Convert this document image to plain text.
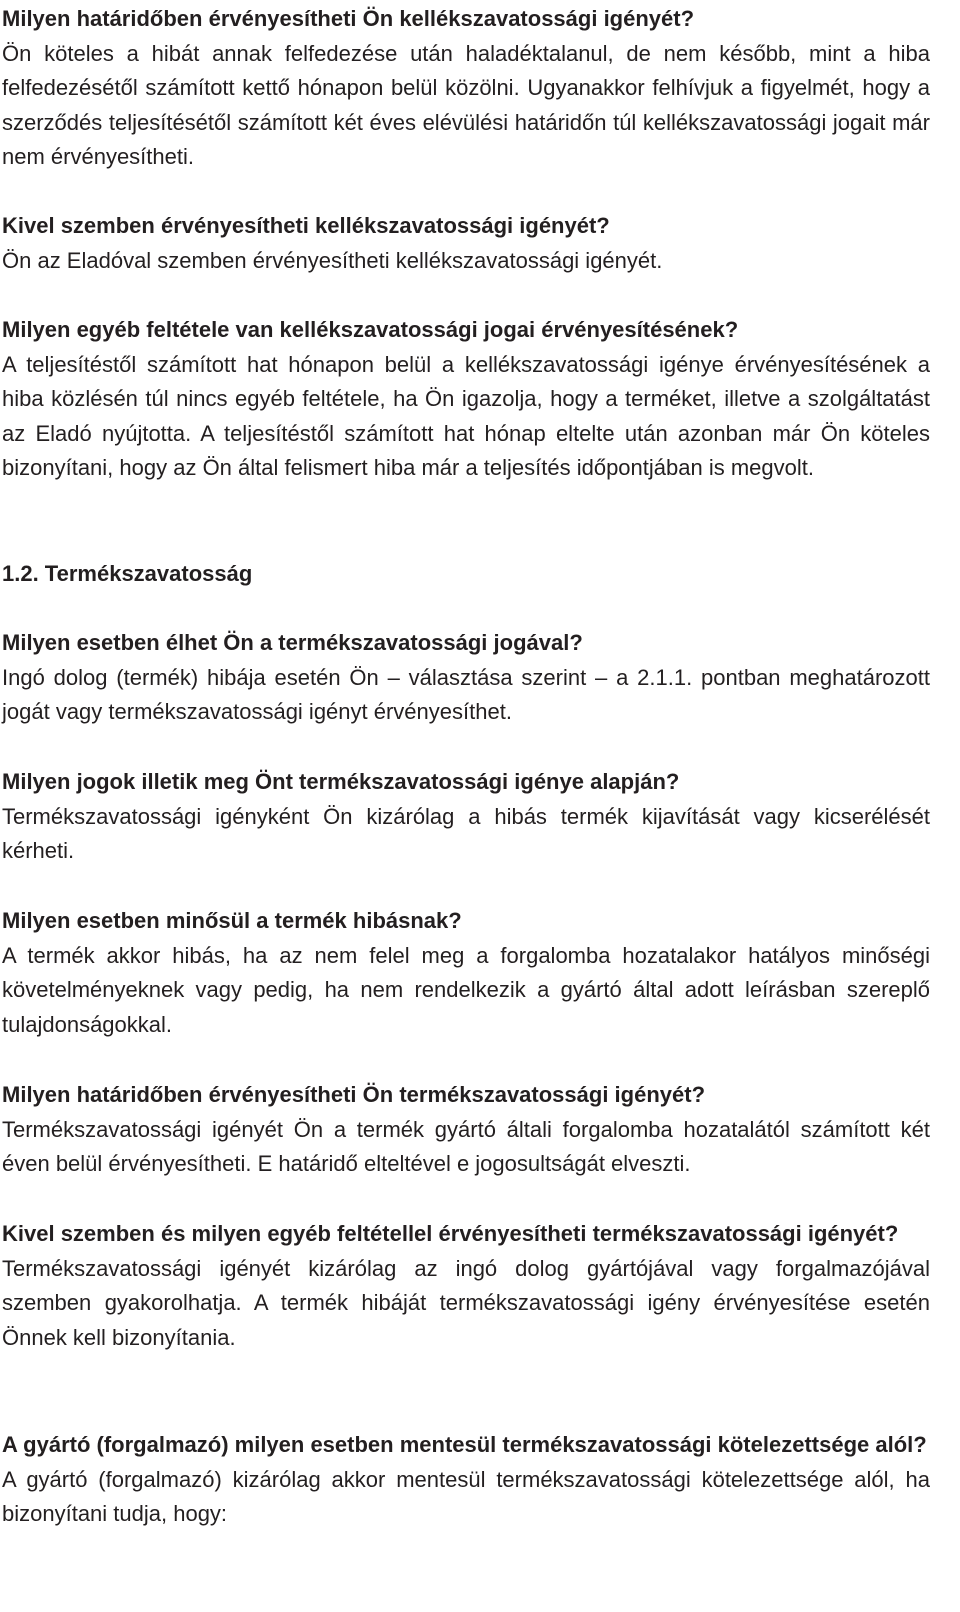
Milyen határidőben érvényesítheti Ön kellékszavatossági igényét?

Ön köteles a hibát annak felfedezése után haladéktalanul, de nem később, mint a hiba felfedezésétől számított kettő hónapon belül közölni. Ugyanakkor felhívjuk a figyelmét, hogy a szerződés teljesítésétől számított két éves elévülési határidőn túl kellékszavatossági jogait már nem érvényesítheti.

Kivel szemben érvényesítheti kellékszavatossági igényét?

Ön az Eladóval szemben érvényesítheti kellékszavatossági igényét.

Milyen egyéb feltétele van kellékszavatossági jogai érvényesítésének?

A teljesítéstől számított hat hónapon belül a kellékszavatossági igénye érvényesítésének a hiba közlésén túl nincs egyéb feltétele, ha Ön igazolja, hogy a terméket, illetve a szolgáltatást az Eladó nyújtotta. A teljesítéstől számított hat hónap eltelte után azonban már Ön köteles bizonyítani, hogy az Ön által felismert hiba már a teljesítés időpontjában is megvolt.

1.2. Termékszavatosság

Milyen esetben élhet Ön a termékszavatossági jogával?

Ingó dolog (termék) hibája esetén Ön – választása szerint – a 2.1.1. pontban meghatározott jogát vagy termékszavatossági igényt érvényesíthet.

Milyen jogok illetik meg Önt termékszavatossági igénye alapján?

Termékszavatossági igényként Ön kizárólag a hibás termék kijavítását vagy kicserélését kérheti.

Milyen esetben minősül a termék hibásnak?

A termék akkor hibás, ha az nem felel meg a forgalomba hozatalakor hatályos minőségi követelményeknek vagy pedig, ha nem rendelkezik a gyártó által adott leírásban szereplő tulajdonságokkal.

Milyen határidőben érvényesítheti Ön termékszavatossági igényét?

Termékszavatossági igényét Ön a termék gyártó általi forgalomba hozatalától számított két éven belül érvényesítheti. E határidő elteltével e jogosultságát elveszti.

Kivel szemben és milyen egyéb feltétellel érvényesítheti termékszavatossági igényét?

Termékszavatossági igényét kizárólag az ingó dolog gyártójával vagy forgalmazójával szemben gyakorolhatja. A termék hibáját termékszavatossági igény érvényesítése esetén Önnek kell bizonyítania.

A gyártó (forgalmazó) milyen esetben mentesül termékszavatossági kötelezettsége alól?

A gyártó (forgalmazó) kizárólag akkor mentesül termékszavatossági kötelezettsége alól, ha bizonyítani tudja, hogy:
